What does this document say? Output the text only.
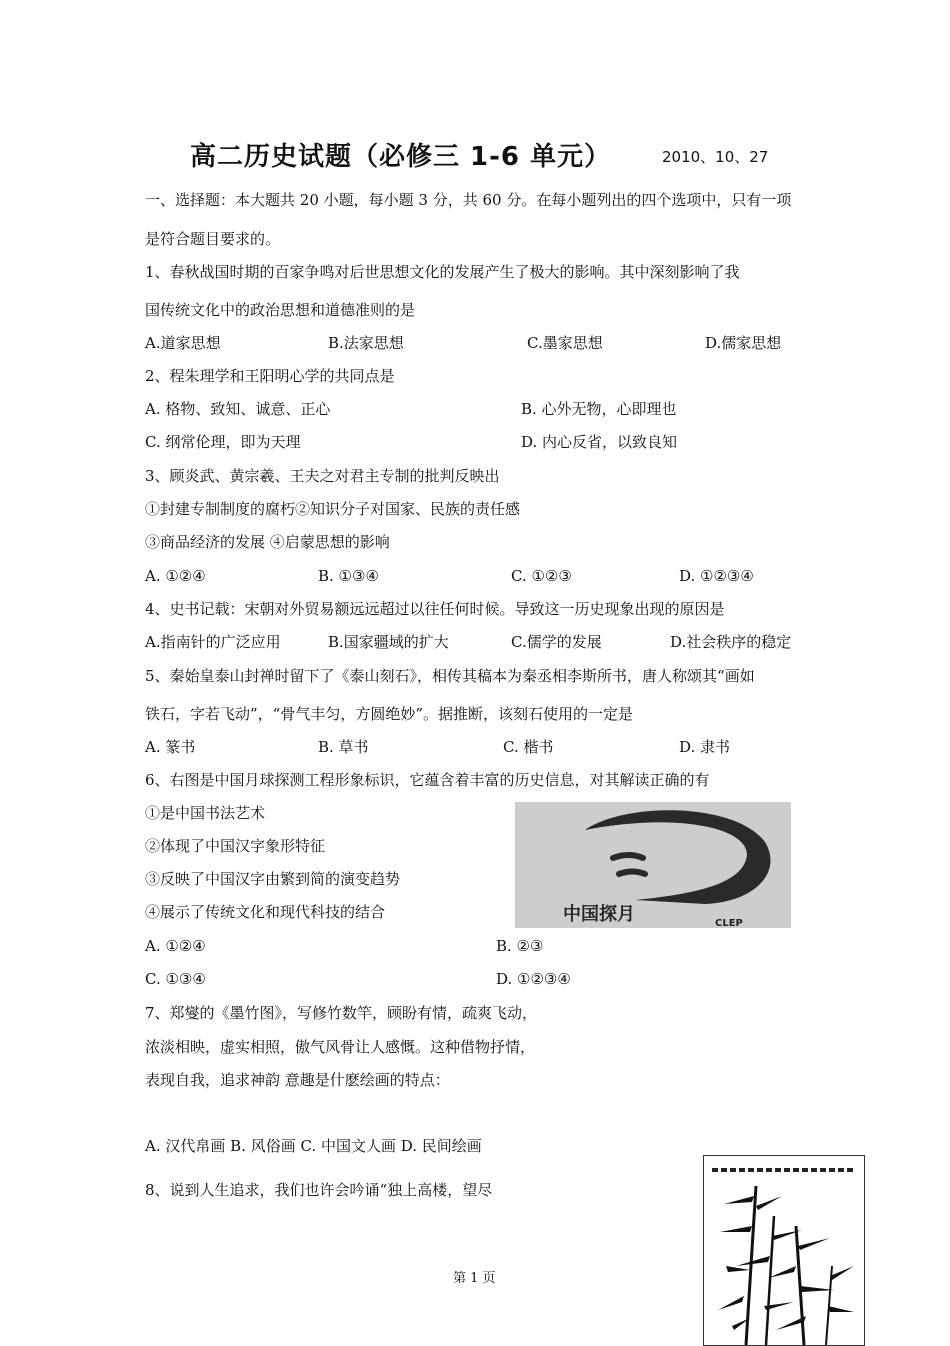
高二历史试题（必修三 1-6 单元）	2010、10、27
一、选择题：本大题共 20 小题，每小题 3 分，共 60 分。在每小题列出的四个选项中，只有一项
是符合题目要求的。
1、春秋战国时期的百家争鸣对后世思想文化的发展产生了极大的影响。其中深刻影响了我
国传统文化中的政治思想和道德准则的是
A.道家思想	B.法家思想	C.墨家思想	D.儒家思想
2、程朱理学和王阳明心学的共同点是
A. 格物、致知、诚意、正心	B. 心外无物，心即理也
C. 纲常伦理，即为天理	D. 内心反省，以致良知
3、顾炎武、黄宗羲、王夫之对君主专制的批判反映出
①封建专制制度的腐朽②知识分子对国家、民族的责任感
③商品经济的发展 ④启蒙思想的影响
A. ①②④	B. ①③④	C. ①②③	D. ①②③④
4、史书记载：宋朝对外贸易额远远超过以往任何时候。导致这一历史现象出现的原因是
A.指南针的广泛应用	B.国家疆域的扩大	C.儒学的发展	D.社会秩序的稳定
5、秦始皇泰山封禅时留下了《泰山刻石》，相传其稿本为秦丞相李斯所书，唐人称颂其“画如
铁石，字若飞动”，“骨气丰匀，方圆绝妙”。据推断，该刻石使用的一定是
A. 篆书	B. 草书	C. 楷书	D. 隶书
6、右图是中国月球探测工程形象标识，它蕴含着丰富的历史信息，对其解读正确的有
①是中国书法艺术
②体现了中国汉字象形特征
③反映了中国汉字由繁到简的演变趋势
④展示了传统文化和现代科技的结合
A. ①②④	B. ②③
C. ①③④	D. ①②③④
中国探月	CLEP
7、郑燮的《墨竹图》，写修竹数竿，顾盼有情，疏爽飞动，
浓淡相映，虚实相照，傲气风骨让人感慨。这种借物抒情，
表现自我，追求神韵 意趣是什麽绘画的特点：
A. 汉代帛画 B. 风俗画 C. 中国文人画 D. 民间绘画
8、说到人生追求，我们也许会吟诵“独上高楼，望尽
第 1 页
